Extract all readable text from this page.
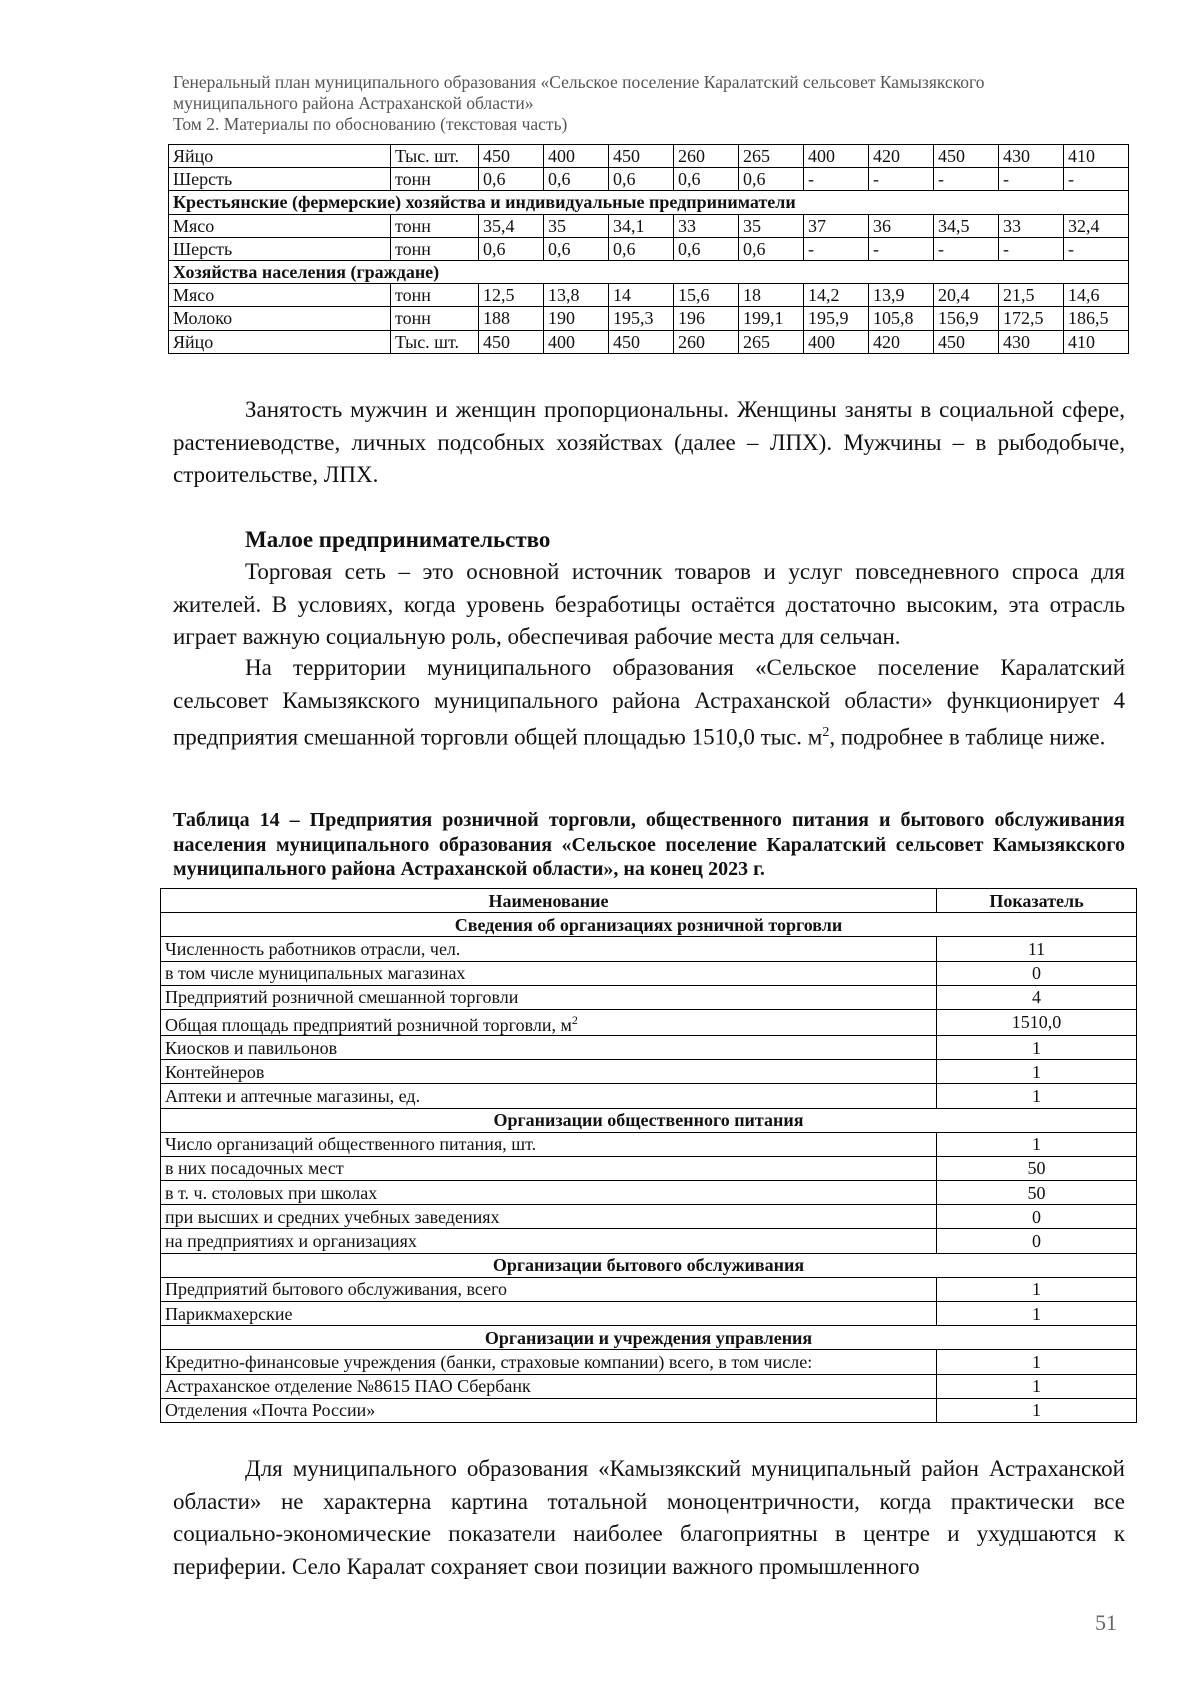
Генеральный план муниципального образования «Сельское поселение Каралатский сельсовет Камызякского
муниципального района Астраханской области»
Том 2. Материалы по обоснованию (текстовая часть)
Яйцо	Тыс. шт.	450	400	450	260	265	400	420	450	430	410
Шерсть	тонн	0,6	0,6	0,6	0,6	0,6	-	-	-	-	-
Крестьянские (фермерские) хозяйства и индивидуальные предприниматели											
Мясо	тонн	35,4	35	34,1	33	35	37	36	34,5	33	32,4
Шерсть	тонн	0,6	0,6	0,6	0,6	0,6	-	-	-	-	-
Хозяйства населения (граждане)											
Мясо	тонн	12,5	13,8	14	15,6	18	14,2	13,9	20,4	21,5	14,6
Молоко	тонн	188	190	195,3	196	199,1	195,9	105,8	156,9	172,5	186,5
Яйцо	Тыс. шт.	450	400	450	260	265	400	420	450	430	410

Занятость мужчин и женщин пропорциональны. Женщины заняты в социальной сфере, растениеводстве, личных подсобных хозяйствах (далее – ЛПХ). Мужчины – в рыбодобыче, строительстве, ЛПХ.

Малое предпринимательство

Торговая сеть – это основной источник товаров и услуг повседневного спроса для жителей. В условиях, когда уровень безработицы остаётся достаточно высоким, эта отрасль играет важную социальную роль, обеспечивая рабочие места для сельчан.

На территории муниципального образования «Сельское поселение Каралатский сельсовет Камызякского муниципального района Астраханской области» функционирует 4 предприятия смешанной торговли общей площадью 1510,0 тыс. $м^2$, подробнее в таблице ниже.

Таблица 14 – Предприятия розничной торговли, общественного питания и бытового обслуживания населения муниципального образования «Сельское поселение Каралатский сельсовет Камызякского муниципального района Астраханской области», на конец 2023 г.

Наименование	Показатель
Сведения об организациях розничной торговли	
Численность работников отрасли, чел.	11
в том числе муниципальных магазинах	0
Предприятий розничной смешанной торговли	4
Общая площадь предприятий розничной торговли, $м^2$	1510,0
Киосков и павильонов	1
Контейнеров	1
Аптеки и аптечные магазины, ед.	1
Организации общественного питания	
Число организаций общественного питания, шт.	1
в них посадочных мест	50
в т. ч. столовых при школах	50
при высших и средних учебных заведениях	0
на предприятиях и организациях	0
Организации бытового обслуживания	
Предприятий бытового обслуживания, всего	1
Парикмахерские	1
Организации и учреждения управления	
Кредитно-финансовые учреждения (банки, страховые компании) всего, в том числе:	1
Астраханское отделение №8615 ПАО Сбербанк	1
Отделения «Почта России»	1

Для муниципального образования «Камызякский муниципальный район Астраханской области» не характерна картина тотальной моноцентричности, когда практически все социально-экономические показатели наиболее благоприятны в центре и ухудшаются к периферии. Село Каралат сохраняет свои позиции важного промышленного

51
